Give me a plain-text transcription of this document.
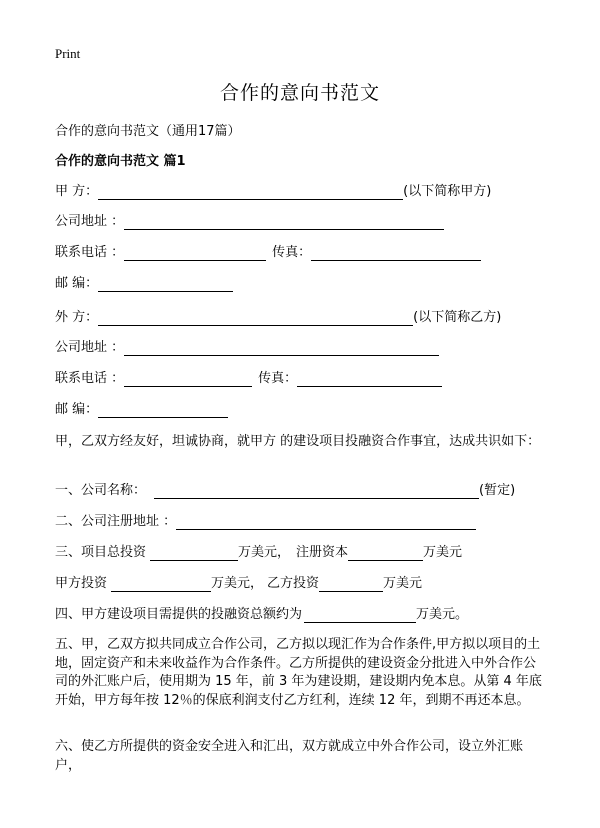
Print
合作的意向书范文
合作的意向书范文（通用17篇）
合作的意向书范文 篇1
甲 方：	(以下简称甲方)
公司地址 ：
联系电话 ：	传真：
邮 编：
外 方：	(以下简称乙方)
公司地址 ：
联系电话 ：	传真：
邮 编：
甲，乙双方经友好，坦诚协商，就甲方 的建设项目投融资合作事宜，达成共识如下：
一、公司名称：	(暂定)
二、公司注册地址 ：
三、项目总投资	万美元， 注册资本	万美元
甲方投资	万美元， 乙方投资	万美元
四、甲方建设项目需提供的投融资总额约为	万美元。
五、甲，乙双方拟共同成立合作公司，乙方拟以现汇作为合作条件,甲方拟以项目的土地，固定资产和未来收益作为合作条件。乙方所提供的建设资金分批进入中外合作公司的外汇账户后，使用期为 15 年，前 3 年为建设期，建设期内免本息。从第 4 年底开始，甲方每年按 12％的保底利润支付乙方红利，连续 12 年，到期不再还本息。
六、使乙方所提供的资金安全进入和汇出，双方就成立中外合作公司，设立外汇账户，
